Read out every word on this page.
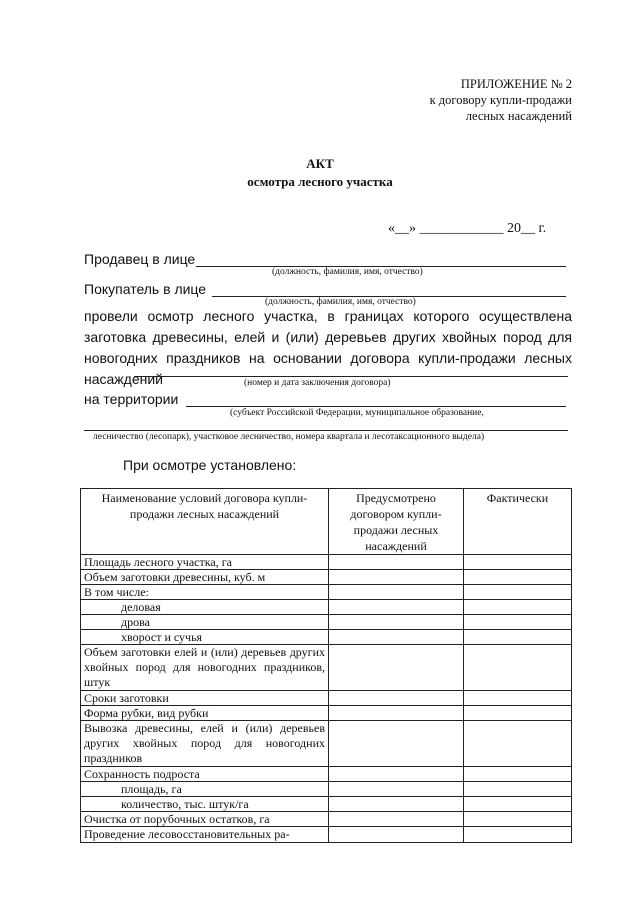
ПРИЛОЖЕНИЕ № 2
к договору купли-продажи
лесных насаждений
АКТ
осмотра лесного участка
«__» ____________ 20__ г.
Продавец в лице
(должность, фамилия, имя, отчество)
Покупатель в лице
(должность, фамилия, имя, отчество)
провели осмотр лесного участка, в границах которого осуществлена заготовка древесины, елей и (или) деревьев других хвойных пород для новогодних праздников на основании договора купли-продажи лесных насаждений	(номер и дата заключения договора)
на территории
(субъект Российской Федерации, муниципальное образование,
лесничество (лесопарк), участковое лесничество, номера квартала и лесотаксационного выдела)
При осмотре установлено:
Наименование условий договора купли-продажи лесных насаждений	Предусмотрено договором купли-продажи лесных насаждений	Фактически
Площадь лесного участка, га		
Объем заготовки древесины, куб. м		
В том числе:		
деловая		
дрова		
хворост и сучья		
Объем заготовки елей и (или) деревьев других хвойных пород для новогодних праздников, штук		
Сроки заготовки		
Форма рубки, вид рубки		
Вывозка древесины, елей и (или) деревьев других хвойных пород для новогодних праздников		
Сохранность подроста		
площадь, га		
количество, тыс. штук/га		
Очистка от порубочных остатков, га		
Проведение лесовосстановительных ра-		
